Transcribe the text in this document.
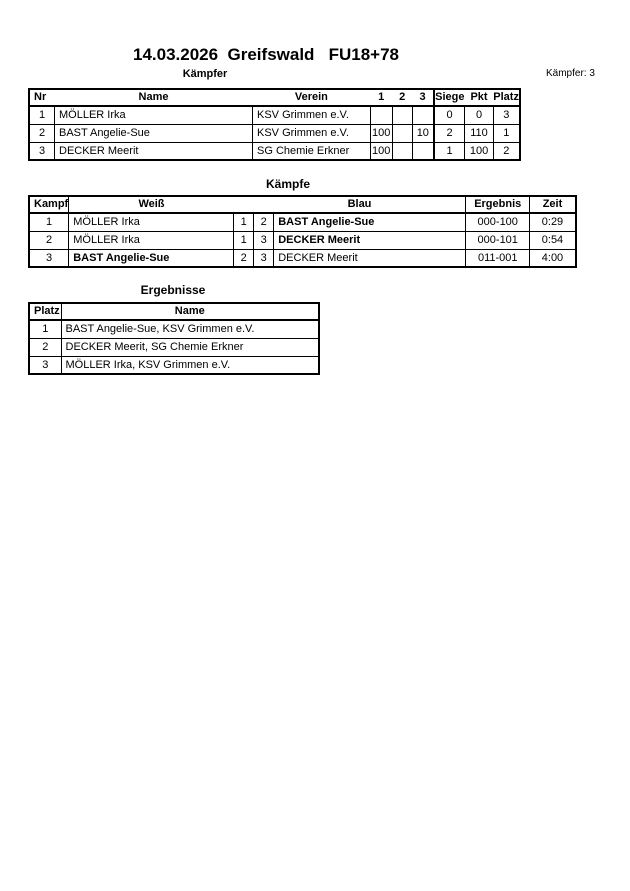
14.03.2026  Greifswald   FU18+78
Kämpfer	Kämpfer: 3
Nr	Name	Verein	1	2	3	Siege	Pkt	Platz
1	MÖLLER Irka	KSV Grimmen e.V.				0	0	3
2	BAST Angelie-Sue	KSV Grimmen e.V.	100		10	2	110	1
3	DECKER Meerit	SG Chemie Erkner	100			1	100	2
Kämpfe
Kampf	Weiß		Blau		Ergebnis	Zeit
1	MÖLLER Irka	1	2	BAST Angelie-Sue	000-100	0:29
2	MÖLLER Irka	1	3	DECKER Meerit	000-101	0:54
3	BAST Angelie-Sue	2	3	DECKER Meerit	011-001	4:00
Ergebnisse
Platz	Name
1	BAST Angelie-Sue, KSV Grimmen e.V.
2	DECKER Meerit, SG Chemie Erkner
3	MÖLLER Irka, KSV Grimmen e.V.
